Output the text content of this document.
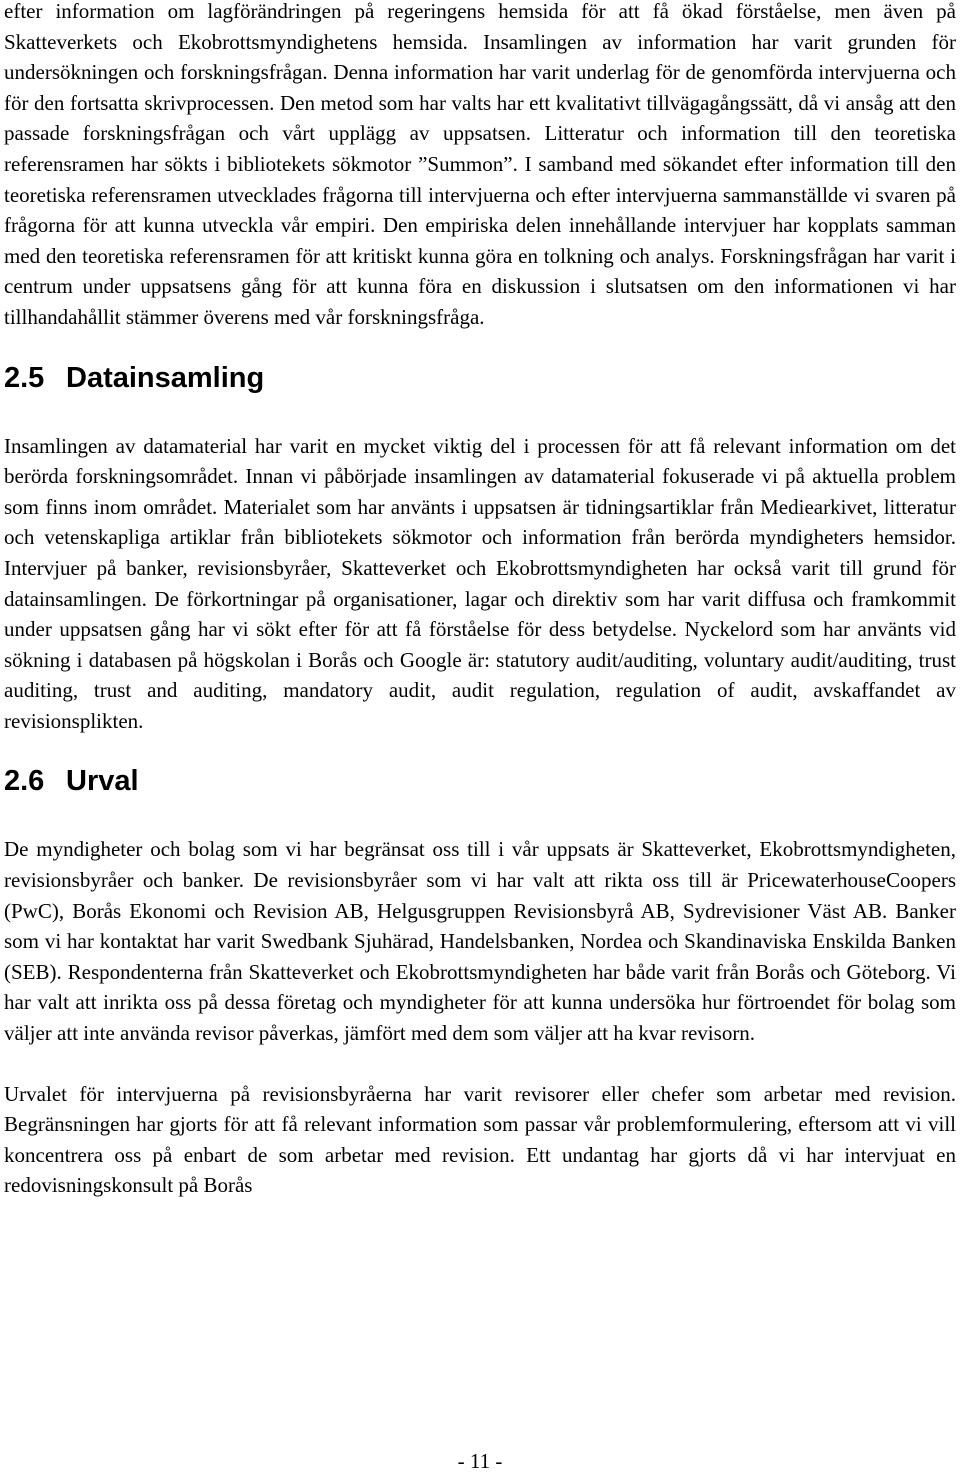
efter information om lagförändringen på regeringens hemsida för att få ökad förståelse, men även på Skatteverkets och Ekobrottsmyndighetens hemsida. Insamlingen av information har varit grunden för undersökningen och forskningsfrågan. Denna information har varit underlag för de genomförda intervjuerna och för den fortsatta skrivprocessen. Den metod som har valts har ett kvalitativt tillvägagångssätt, då vi ansåg att den passade forskningsfrågan och vårt upplägg av uppsatsen. Litteratur och information till den teoretiska referensramen har sökts i bibliotekets sökmotor ”Summon”. I samband med sökandet efter information till den teoretiska referensramen utvecklades frågorna till intervjuerna och efter intervjuerna sammanställde vi svaren på frågorna för att kunna utveckla vår empiri. Den empiriska delen innehållande intervjuer har kopplats samman med den teoretiska referensramen för att kritiskt kunna göra en tolkning och analys. Forskningsfrågan har varit i centrum under uppsatsens gång för att kunna föra en diskussion i slutsatsen om den informationen vi har tillhandahållit stämmer överens med vår forskningsfråga.

2.5 Datainsamling

Insamlingen av datamaterial har varit en mycket viktig del i processen för att få relevant information om det berörda forskningsområdet. Innan vi påbörjade insamlingen av datamaterial fokuserade vi på aktuella problem som finns inom området. Materialet som har använts i uppsatsen är tidningsartiklar från Mediearkivet, litteratur och vetenskapliga artiklar från bibliotekets sökmotor och information från berörda myndigheters hemsidor. Intervjuer på banker, revisionsbyråer, Skatteverket och Ekobrottsmyndigheten har också varit till grund för datainsamlingen. De förkortningar på organisationer, lagar och direktiv som har varit diffusa och framkommit under uppsatsen gång har vi sökt efter för att få förståelse för dess betydelse. Nyckelord som har använts vid sökning i databasen på högskolan i Borås och Google är: statutory audit/auditing, voluntary audit/auditing, trust auditing, trust and auditing, mandatory audit, audit regulation, regulation of audit, avskaffandet av revisionsplikten.

2.6 Urval

De myndigheter och bolag som vi har begränsat oss till i vår uppsats är Skatteverket, Ekobrottsmyndigheten, revisionsbyråer och banker. De revisionsbyråer som vi har valt att rikta oss till är PricewaterhouseCoopers (PwC), Borås Ekonomi och Revision AB, Helgusgruppen Revisionsbyrå AB, Sydrevisioner Väst AB. Banker som vi har kontaktat har varit Swedbank Sjuhärad, Handelsbanken, Nordea och Skandinaviska Enskilda Banken (SEB). Respondenterna från Skatteverket och Ekobrottsmyndigheten har både varit från Borås och Göteborg. Vi har valt att inrikta oss på dessa företag och myndigheter för att kunna undersöka hur förtroendet för bolag som väljer att inte använda revisor påverkas, jämfört med dem som väljer att ha kvar revisorn.

Urvalet för intervjuerna på revisionsbyråerna har varit revisorer eller chefer som arbetar med revision. Begränsningen har gjorts för att få relevant information som passar vår problemformulering, eftersom att vi vill koncentrera oss på enbart de som arbetar med revision. Ett undantag har gjorts då vi har intervjuat en redovisningskonsult på Borås

- 11 -
